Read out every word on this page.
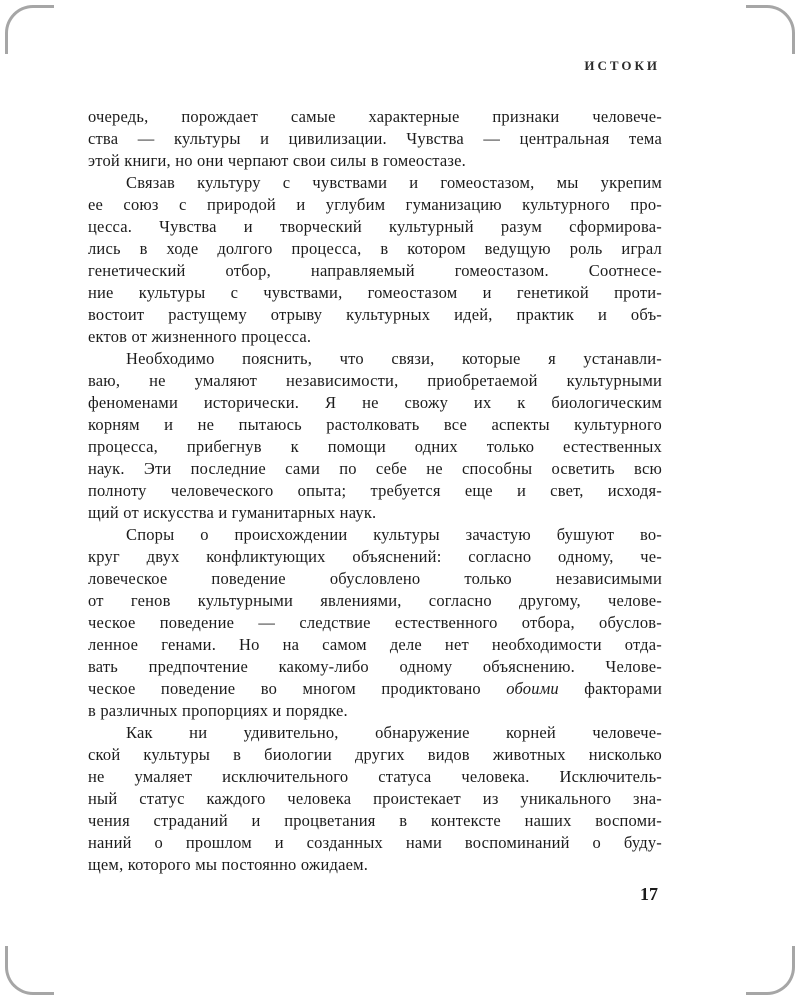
ИСТОКИ
очередь, порождает самые характерные признаки человече-
ства — культуры и цивилизации. Чувства — центральная тема
этой книги, но они черпают свои силы в гомеостазе.
Связав культуру с чувствами и гомеостазом, мы укрепим
ее союз с природой и углубим гуманизацию культурного про-
цесса. Чувства и творческий культурный разум сформирова-
лись в ходе долгого процесса, в котором ведущую роль играл
генетический отбор, направляемый гомеостазом. Соотнесе-
ние культуры с чувствами, гомеостазом и генетикой проти-
востоит растущему отрыву культурных идей, практик и объ-
ектов от жизненного процесса.
Необходимо пояснить, что связи, которые я устанавли-
ваю, не умаляют независимости, приобретаемой культурными
феноменами исторически. Я не свожу их к биологическим
корням и не пытаюсь растолковать все аспекты культурного
процесса, прибегнув к помощи одних только естественных
наук. Эти последние сами по себе не способны осветить всю
полноту человеческого опыта; требуется еще и свет, исходя-
щий от искусства и гуманитарных наук.
Споры о происхождении культуры зачастую бушуют во-
круг двух конфликтующих объяснений: согласно одному, че-
ловеческое поведение обусловлено только независимыми
от генов культурными явлениями, согласно другому, челове-
ческое поведение — следствие естественного отбора, обуслов-
ленное генами. Но на самом деле нет необходимости отда-
вать предпочтение какому-либо одному объяснению. Челове-
ческое поведение во многом продиктовано обоими факторами
в различных пропорциях и порядке.
Как ни удивительно, обнаружение корней человече-
ской культуры в биологии других видов животных нисколько
не умаляет исключительного статуса человека. Исключитель-
ный статус каждого человека проистекает из уникального зна-
чения страданий и процветания в контексте наших воспоми-
наний о прошлом и созданных нами воспоминаний о буду-
щем, которого мы постоянно ожидаем.
17
